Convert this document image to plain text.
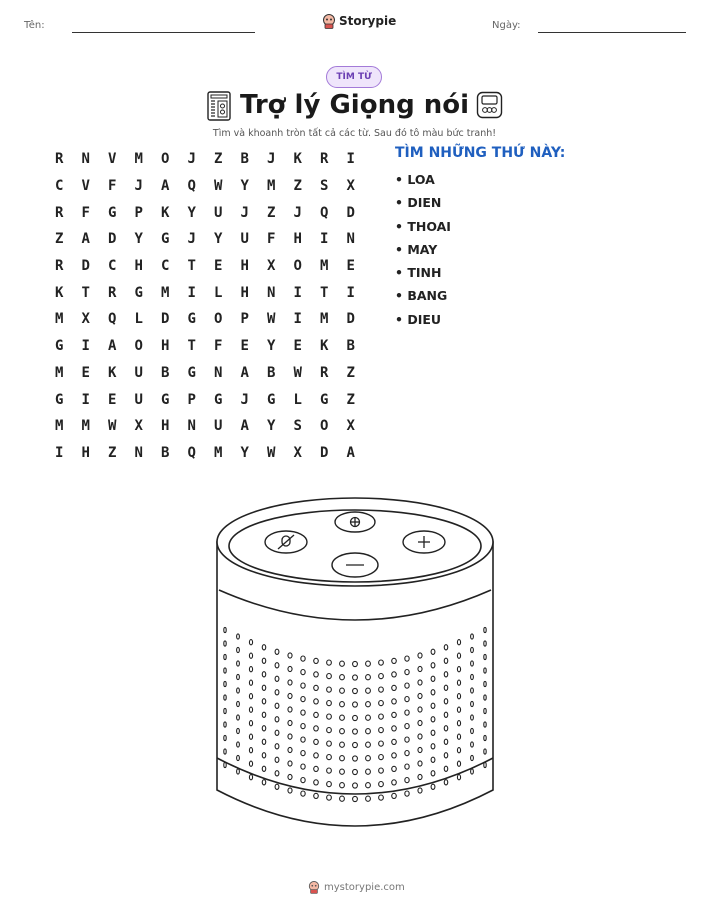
Tên:	Storypie	Ngày:
TÌM TỪ
Trợ lý Giọng nói
Tìm và khoanh tròn tất cả các từ. Sau đó tô màu bức tranh!
R	N	V	M	O	J	Z	B	J	K	R	I
C	V	F	J	A	Q	W	Y	M	Z	S	X
R	F	G	P	K	Y	U	J	Z	J	Q	D
Z	A	D	Y	G	J	Y	U	F	H	I	N
R	D	C	H	C	T	E	H	X	O	M	E
K	T	R	G	M	I	L	H	N	I	T	I
M	X	Q	L	D	G	O	P	W	I	M	D
G	I	A	O	H	T	F	E	Y	E	K	B
M	E	K	U	B	G	N	A	B	W	R	Z
G	I	E	U	G	P	G	J	G	L	G	Z
M	M	W	X	H	N	U	A	Y	S	O	X
I	H	Z	N	B	Q	M	Y	W	X	D	A
TÌM NHỮNG THỨ NÀY:
• LOA
• DIEN
• THOAI
• MAY
• TINH
• BANG
• DIEU
mystorypie.com
